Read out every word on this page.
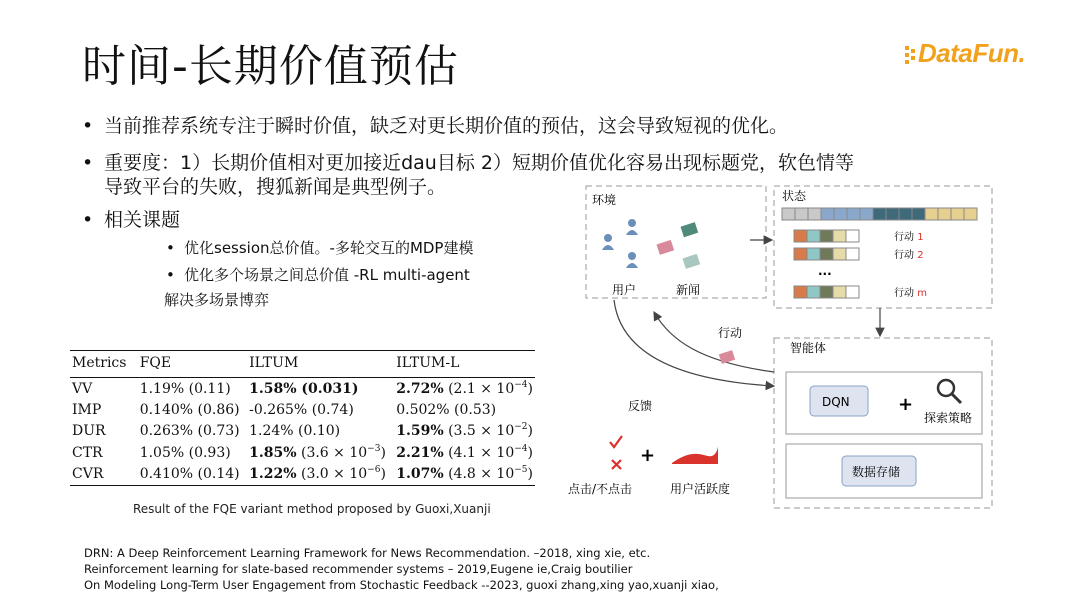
时间-长期价值预估	DataFun.
• 当前推荐系统专注于瞬时价值，缺乏对更长期价值的预估，这会导致短视的优化。
• 重要度：1）长期价值相对更加接近dau目标 2）短期价值优化容易出现标题党，软色情等
导致平台的失败，搜狐新闻是典型例子。
• 相关课题
• 优化session总价值。-多轮交互的MDP建模
• 优化多个场景之间总价值 -RL multi-agent
解决多场景博弈
Metrics	FQE	ILTUM	ILTUM-L
VV	1.19% (0.11)	1.58% (0.031)	2.72% $(2.1 \times 10^{-4})$
IMP	0.140% (0.86)	-0.265% (0.74)	0.502% (0.53)
DUR	0.263% (0.73)	1.24% (0.10)	1.59% $(3.5 \times 10^{-2})$
CTR	1.05% (0.93)	1.85% $(3.6 \times 10^{-3})$	2.21% $(4.1 \times 10^{-4})$
CVR	0.410% (0.14)	1.22% $(3.0 \times 10^{-6})$	1.07% $(4.8 \times 10^{-5})$
Result of the FQE variant method proposed by Guoxi,Xuanji
环境
用户	新闻
状态
···
行动 1
行动 2
行动 m
智能体
DQN	+
探索策略
数据存储
行动
反馈
+
点击/不点击	用户活跃度
DRN: A Deep Reinforcement Learning Framework for News Recommendation. –2018, xing xie, etc.
Reinforcement learning for slate-based recommender systems – 2019,Eugene ie,Craig boutilier
On Modeling Long-Term User Engagement from Stochastic Feedback --2023, guoxi zhang,xing yao,xuanji xiao,
